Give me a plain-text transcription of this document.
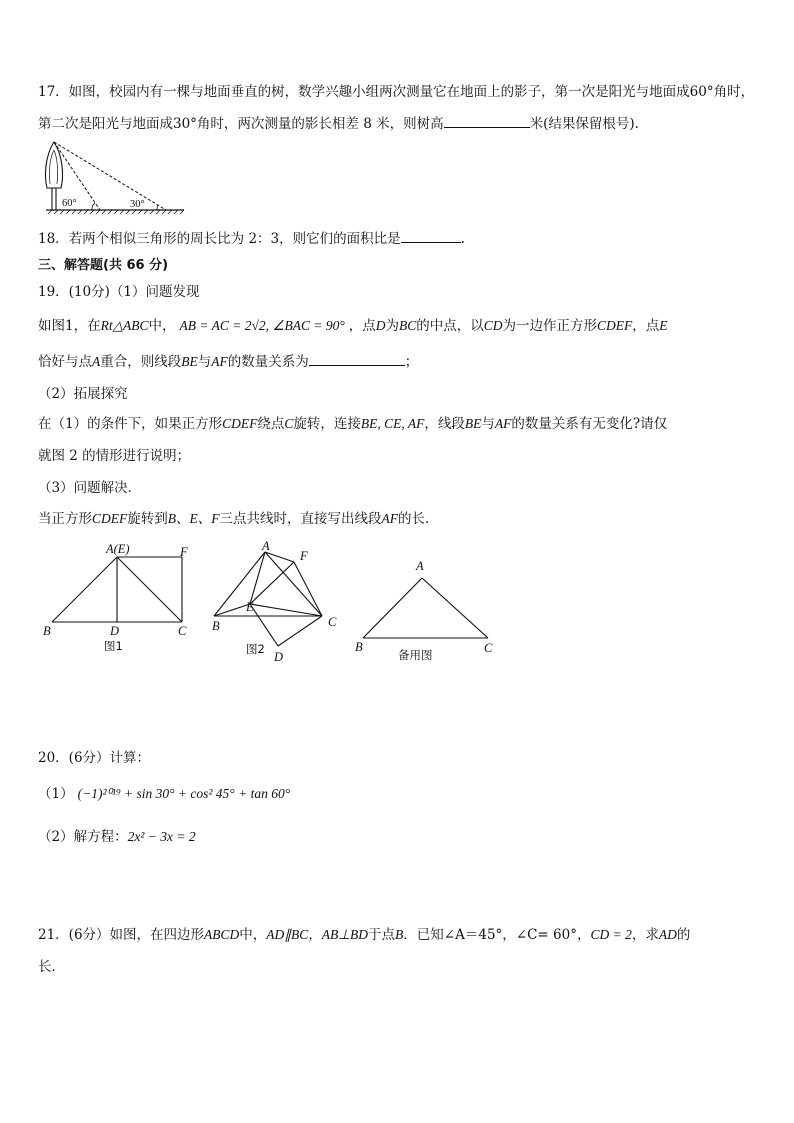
17．如图，校园内有一棵与地面垂直的树，数学兴趣小组两次测量它在地面上的影子，第一次是阳光与地面成60°角时，
第二次是阳光与地面成30°角时，两次测量的影长相差 8 米，则树高	米(结果保留根号).
60°	30°
18．若两个相似三角形的周长比为 2：3，则它们的面积比是	.
三、解答题(共 66 分)
19．(10分)（1）问题发现
如图1，在Rt△ABC中， AB = AC = 2√2, ∠BAC = 90° ，点D为BC的中点，以CD为一边作正方形CDEF，点E
恰好与点A重合，则线段BE与AF的数量关系为	；
（2）拓展探究
在（1）的条件下，如果正方形CDEF绕点C旋转，连接BE, CE, AF，线段BE与AF的数量关系有无变化?请仅
就图 2 的情形进行说明；
（3）问题解决．
当正方形CDEF旋转到B、E、F三点共线时，直接写出线段AF的长．
A(E)	F
B	D	C
图1
A
F
E
B	C
D
图2
A
B	C
备用图
20．(6分）计算：
（1） (−1)²⁰¹⁹ + sin 30° + cos² 45° + tan 60°
（2）解方程：2x² − 3x = 2
21．(6分）如图，在四边形ABCD中，AD∥BC，AB⊥BD于点B．已知∠A＝45°，∠C= 60°，CD = 2，求AD的
长．
